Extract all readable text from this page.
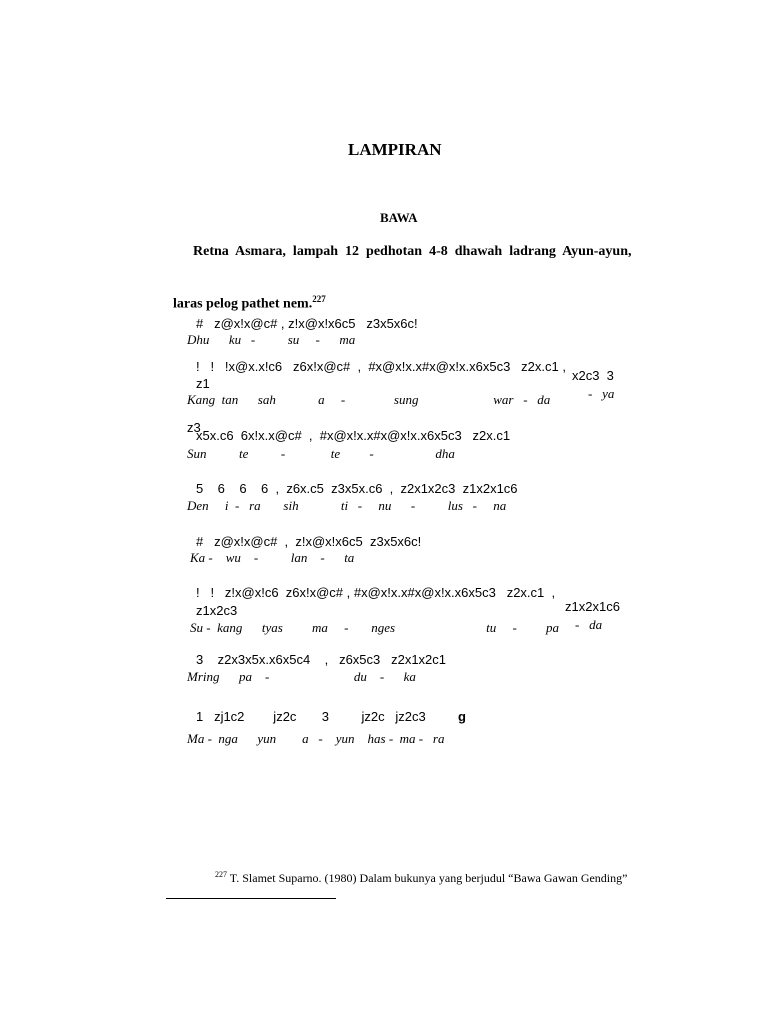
LAMPIRAN
BAWA
Retna  Asmara,  lampah  12  pedhotan  4-8  dhawah  ladrang  Ayun-ayun,

laras pelog pathet nem.$^{227}$

#   z@x!x@c# , z!x@x!x6c5   z3x5x6c!
Dhu      ku   -          su     -      ma
!   !   !x@x.x!c6   z6x!x@c#  ,  #x@x!x.x#x@x!x.x6x5c3   z2x.c1 ,
x2c3  3
z1
Kang  tan      sah             a     -               sung                       war   -   da	-   ya
z3
x5x.c6  6x!x.x@c#  ,  #x@x!x.x#x@x!x.x6x5c3   z2x.c1
Sun          te          -              te         -                   dha
5    6    6    6  ,  z6x.c5  z3x5x.c6  ,  z2x1x2c3  z1x2x1c6
Den     i  -   ra       sih             ti   -     nu      -          lus   -     na
#   z@x!x@c#  ,  z!x@x!x6c5  z3x5x6c!
Ka -    wu    -          lan    -      ta
!   !   z!x@x!c6  z6x!x@c# , #x@x!x.x#x@x!x.x6x5c3   z2x.c1  ,
z1x2c3	z1x2x1c6
Su -  kang      tyas         ma     -       nges                            tu     -         pa -   da
3    z2x3x5x.x6x5c4    ,   z6x5c3   z2x1x2c1
Mring      pa    -                          du    -      ka
1   zj1c2        jz2c       3         jz2c   jz2c3 g
Ma -  nga      yun        a   -    yun    has -  ma -   ra

$^{227}$ T. Slamet Suparno. (1980) Dalam bukunya yang berjudul “Bawa Gawan Gending”
